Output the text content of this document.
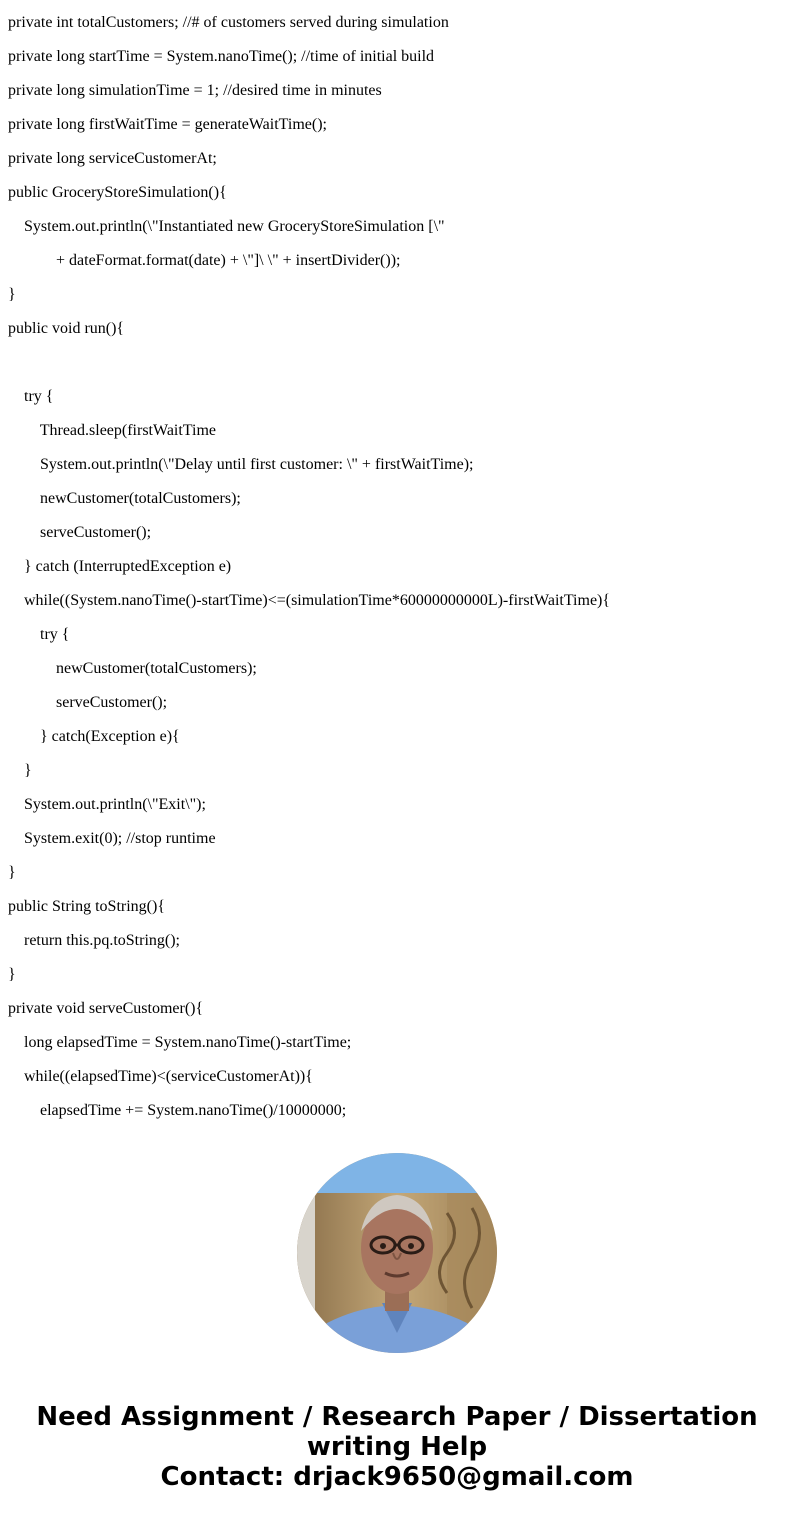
private int totalCustomers; //# of customers served during simulation
private long startTime = System.nanoTime(); //time of initial build
private long simulationTime = 1; //desired time in minutes
private long firstWaitTime = generateWaitTime();
private long serviceCustomerAt;
public GroceryStoreSimulation(){
System.out.println(\"Instantiated new GroceryStoreSimulation [\"
+ dateFormat.format(date) + \"]\ \" + insertDivider());
}
public void run(){
try {
Thread.sleep(firstWaitTime
System.out.println(\"Delay until first customer: \" + firstWaitTime);
newCustomer(totalCustomers);
serveCustomer();
} catch (InterruptedException e)
while((System.nanoTime()-startTime)<=(simulationTime*60000000000L)-firstWaitTime){
try {
newCustomer(totalCustomers);
serveCustomer();
} catch(Exception e){
}
System.out.println(\"Exit\");
System.exit(0); //stop runtime
}
public String toString(){
return this.pq.toString();
}
private void serveCustomer(){
long elapsedTime = System.nanoTime()-startTime;
while((elapsedTime)<(serviceCustomerAt)){
elapsedTime += System.nanoTime()/10000000;
Need Assignment / Research Paper / Dissertation
writing Help
Contact: drjack9650@gmail.com
